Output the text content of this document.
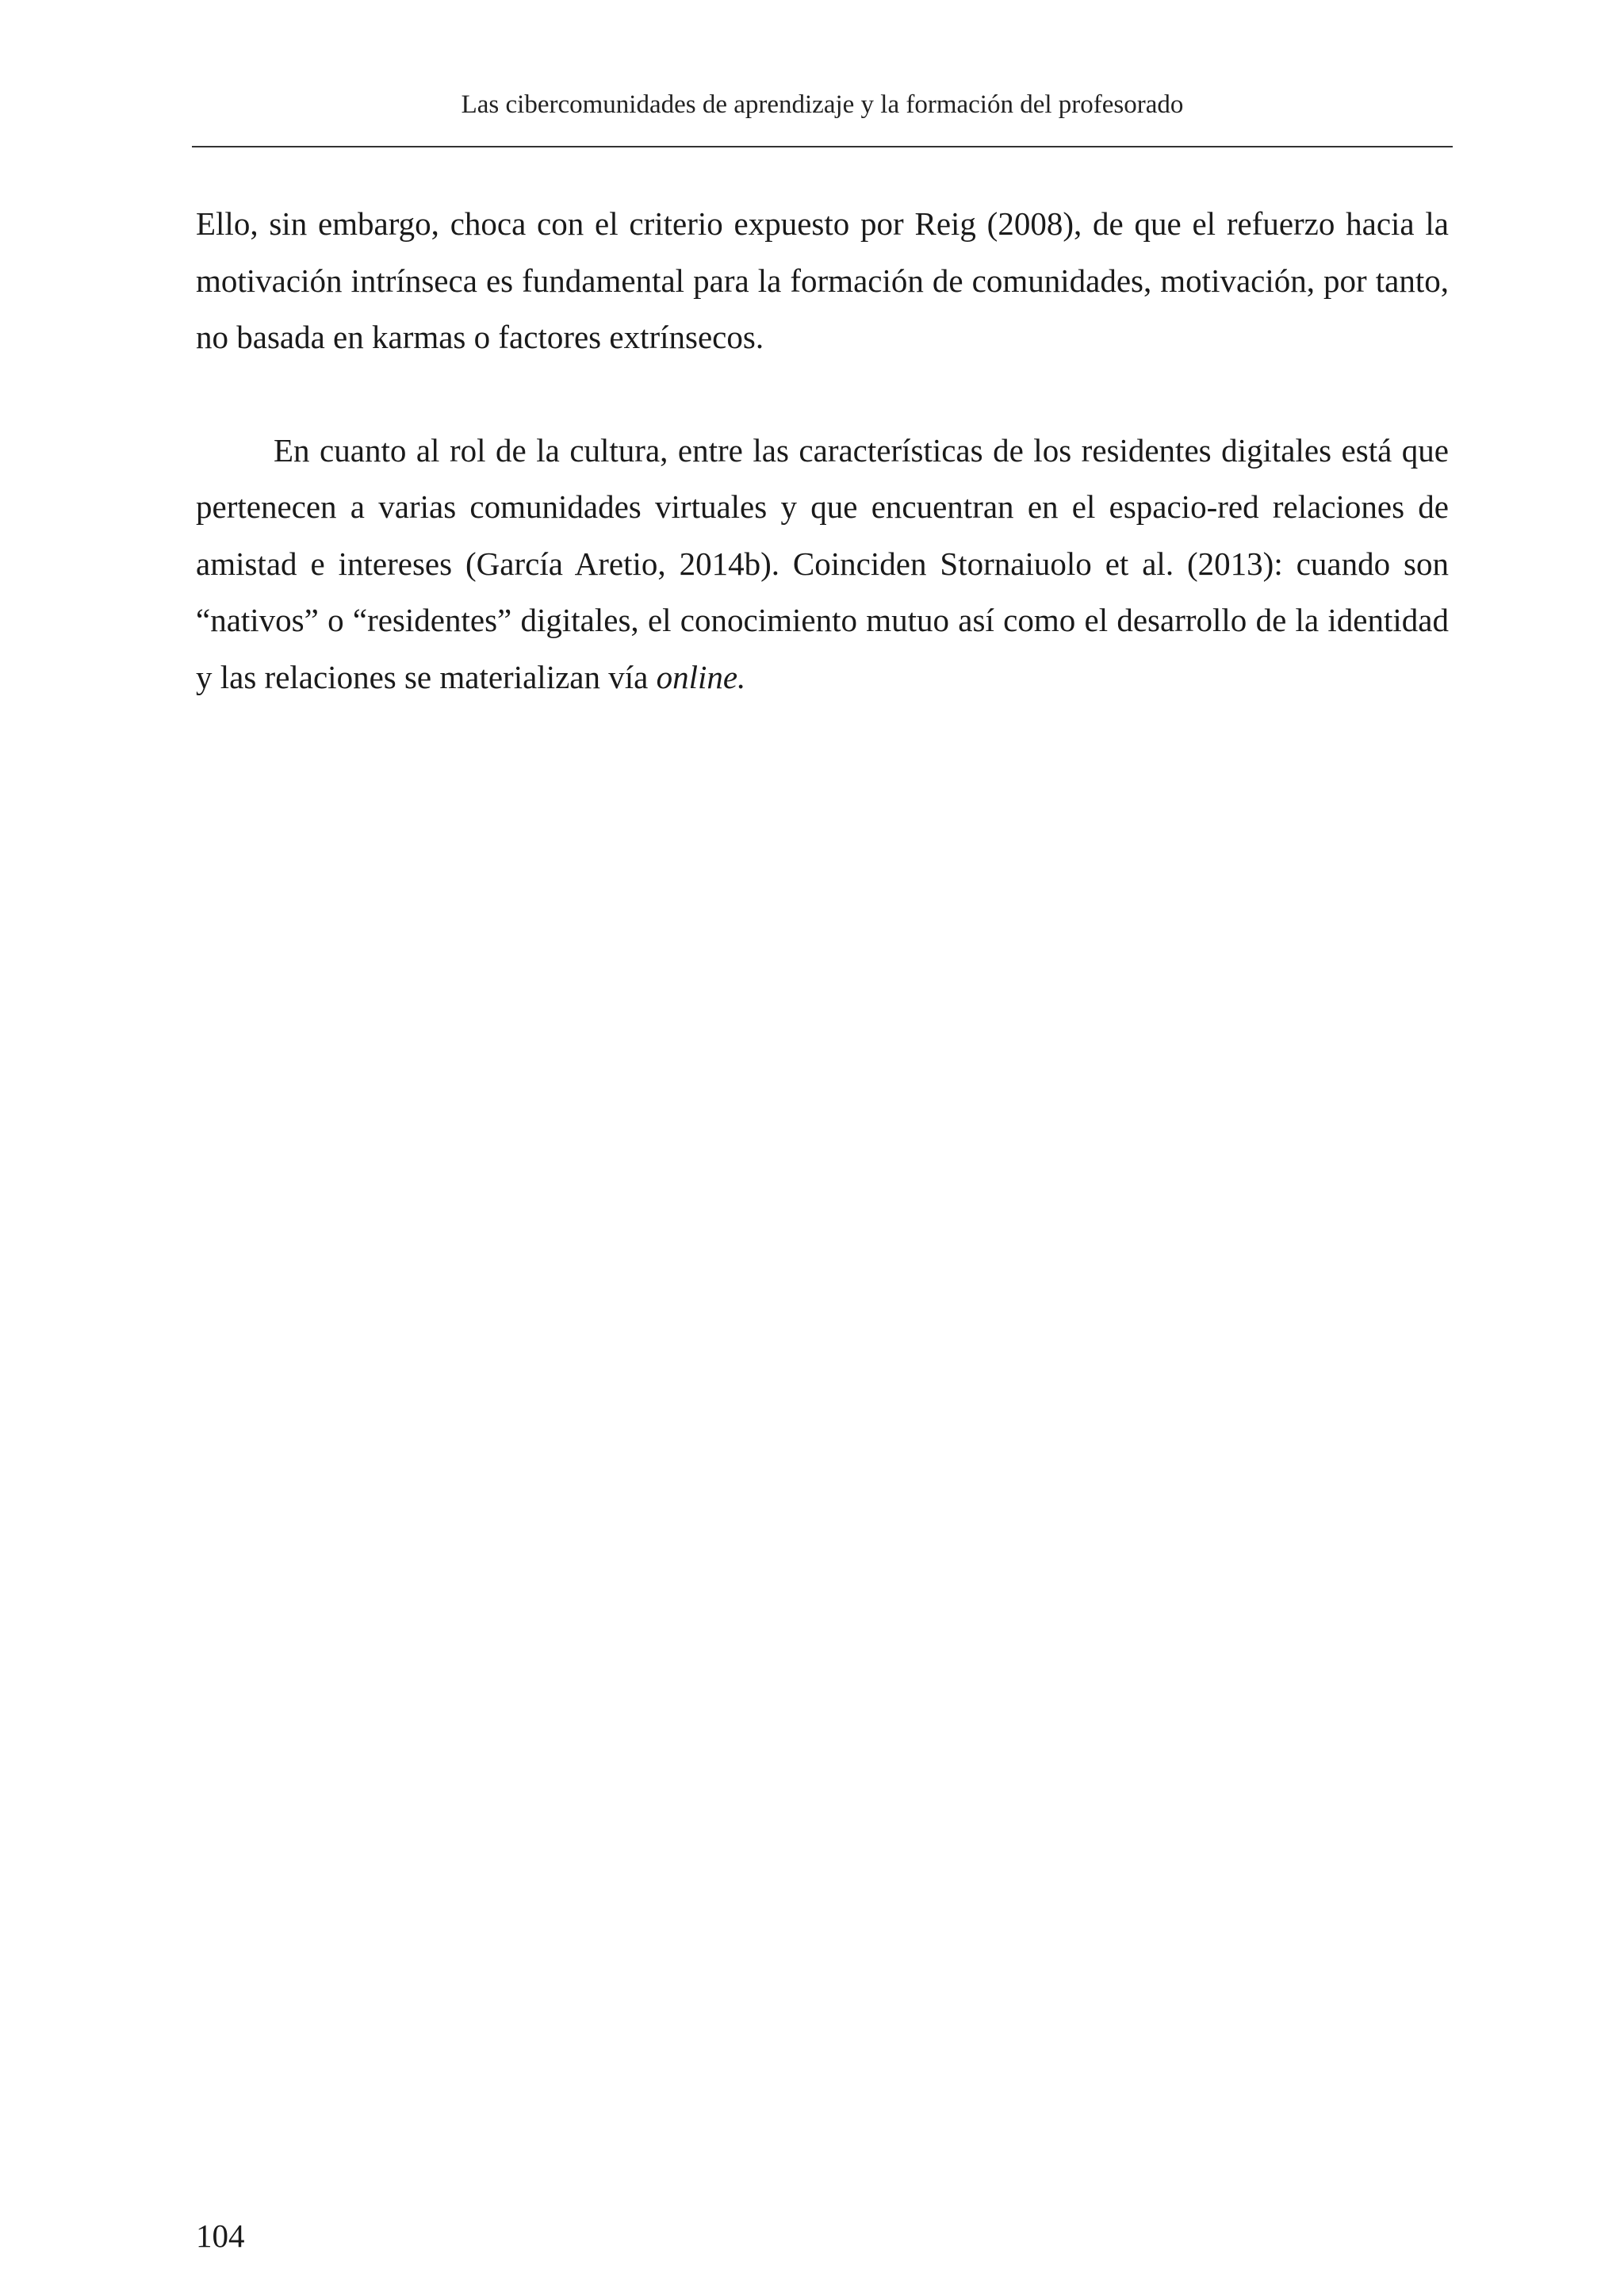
Las cibercomunidades de aprendizaje y la formación del profesorado

Ello, sin embargo, choca con el criterio expuesto por Reig (2008), de que el refuerzo hacia la motivación intrínseca es fundamental para la formación de comunidades, motivación, por tanto, no basada en karmas o factores extrínsecos.

En cuanto al rol de la cultura, entre las características de los residentes digitales está que pertenecen a varias comunidades virtuales y que encuentran en el espacio-red relaciones de amistad e intereses (García Aretio, 2014b). Coinciden Stornaiuolo et al. (2013): cuando son “nativos” o “residentes” digitales, el conocimiento mutuo así como el desarrollo de la identidad y las relaciones se materializan vía online.

104
